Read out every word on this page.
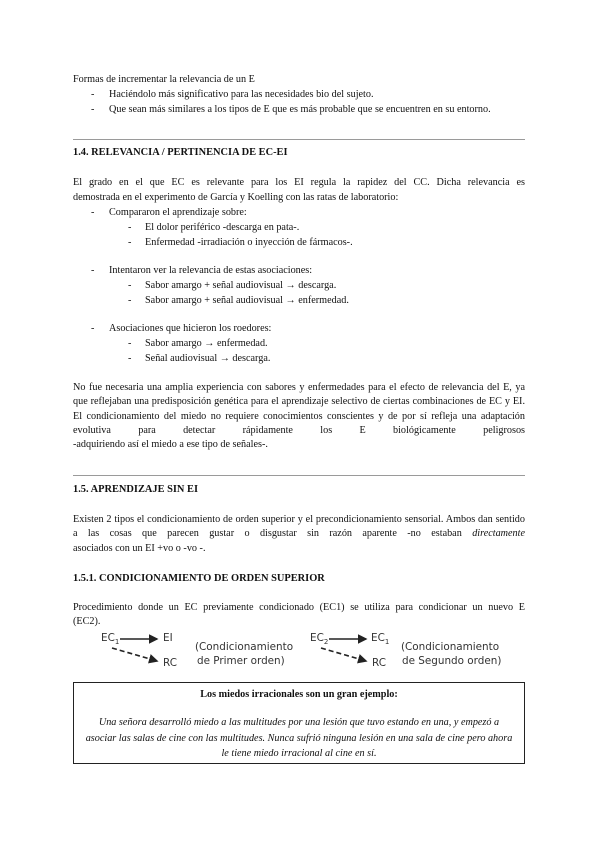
Formas de incrementar la relevancia de un E
- Haciéndolo más significativo para las necesidades bio del sujeto.
- Que sean más similares a los tipos de E que es más probable que se encuentren en su entorno.
1.4. RELEVANCIA / PERTINENCIA DE EC-EI
El grado en el que EC es relevante para los EI regula la rapidez del CC. Dicha relevancia es
demostrada en el experimento de García y Koelling con las ratas de laboratorio:
- Compararon el aprendizaje sobre:
- El dolor periférico -descarga en pata-.
- Enfermedad -irradiación o inyección de fármacos-.
- Intentaron ver la relevancia de estas asociaciones:
- Sabor amargo + señal audiovisual → descarga.
- Sabor amargo + señal audiovisual → enfermedad.
- Asociaciones que hicieron los roedores:
- Sabor amargo → enfermedad.
- Señal audiovisual → descarga.
No fue necesaria una amplia experiencia con sabores y enfermedades para el efecto de relevancia del E, ya que reflejaban una predisposición genética para el aprendizaje selectivo de ciertas combinaciones de EC y EI. El condicionamiento del miedo no requiere conocimientos conscientes y de por sí refleja una adaptación evolutiva para detectar rápidamente los E biológicamente peligrosos
-adquiriendo así el miedo a ese tipo de señales-.
1.5. APRENDIZAJE SIN EI
Existen 2 tipos el condicionamiento de orden superior y el precondicionamiento sensorial. Ambos dan sentido a las cosas que parecen gustar o disgustar sin razón aparente -no estaban directamente
asociados con un EI +vo o -vo -.
1.5.1. CONDICIONAMIENTO DE ORDEN SUPERIOR
Procedimiento donde un EC previamente condicionado (EC1) se utiliza para condicionar un nuevo E
(EC2).
$EC_1$	EI
RC
(Condicionamiento
de Primer orden)
$EC_2$	$EC_1$
RC
(Condicionamiento
de Segundo orden)
Los miedos irracionales son un gran ejemplo:
Una señora desarrolló miedo a las multitudes por una lesión que tuvo estando en una, y empezó a asociar las salas de cine con las multitudes. Nunca sufrió ninguna lesión en una sala de cine pero ahora le tiene miedo irracional al cine en sí.
